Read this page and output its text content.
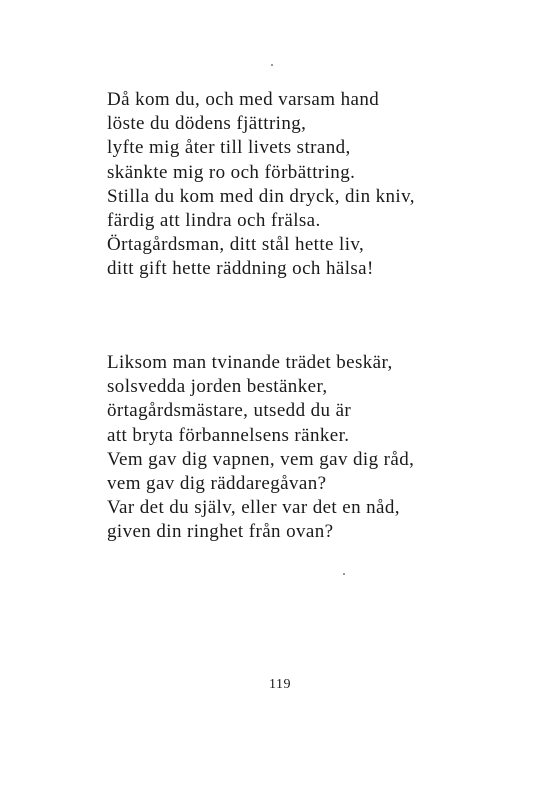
Då kom du, och med varsam hand
löste du dödens fjättring,
lyfte mig åter till livets strand,
skänkte mig ro och förbättring.
Stilla du kom med din dryck, din kniv,
färdig att lindra och frälsa.
Örtagårdsman, ditt stål hette liv,
ditt gift hette räddning och hälsa!
Liksom man tvinande trädet beskär,
solsvedda jorden bestänker,
örtagårdsmästare, utsedd du är
att bryta förbannelsens ränker.
Vem gav dig vapnen, vem gav dig råd,
vem gav dig räddaregåvan?
Var det du själv, eller var det en nåd,
given din ringhet från ovan?
119
